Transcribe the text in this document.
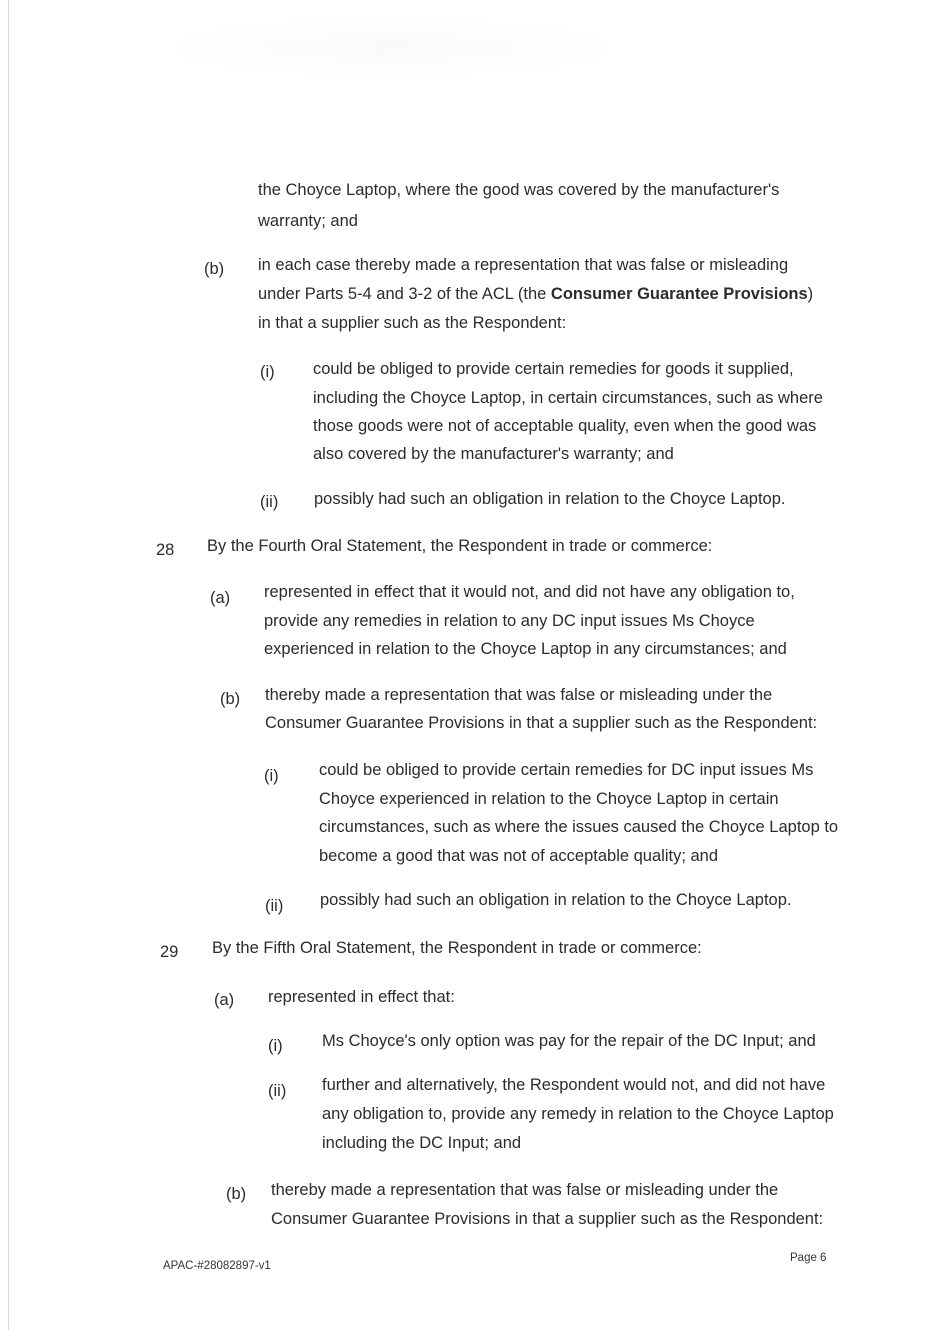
the Choyce Laptop, where the good was covered by the manufacturer's
warranty; and
(b) in each case thereby made a representation that was false or misleading
under Parts 5-4 and 3-2 of the ACL (the Consumer Guarantee Provisions)
in that a supplier such as the Respondent:
(i) could be obliged to provide certain remedies for goods it supplied,
including the Choyce Laptop, in certain circumstances, such as where
those goods were not of acceptable quality, even when the good was
also covered by the manufacturer's warranty; and
(ii) possibly had such an obligation in relation to the Choyce Laptop.
28 By the Fourth Oral Statement, the Respondent in trade or commerce:
(a) represented in effect that it would not, and did not have any obligation to,
provide any remedies in relation to any DC input issues Ms Choyce
experienced in relation to the Choyce Laptop in any circumstances; and
(b) thereby made a representation that was false or misleading under the
Consumer Guarantee Provisions in that a supplier such as the Respondent:
(i) could be obliged to provide certain remedies for DC input issues Ms
Choyce experienced in relation to the Choyce Laptop in certain
circumstances, such as where the issues caused the Choyce Laptop to
become a good that was not of acceptable quality; and
(ii) possibly had such an obligation in relation to the Choyce Laptop.
29 By the Fifth Oral Statement, the Respondent in trade or commerce:
(a) represented in effect that:
(i) Ms Choyce's only option was pay for the repair of the DC Input; and
(ii) further and alternatively, the Respondent would not, and did not have
any obligation to, provide any remedy in relation to the Choyce Laptop
including the DC Input; and
(b) thereby made a representation that was false or misleading under the
Consumer Guarantee Provisions in that a supplier such as the Respondent:
APAC-#28082897-v1
Page 6
